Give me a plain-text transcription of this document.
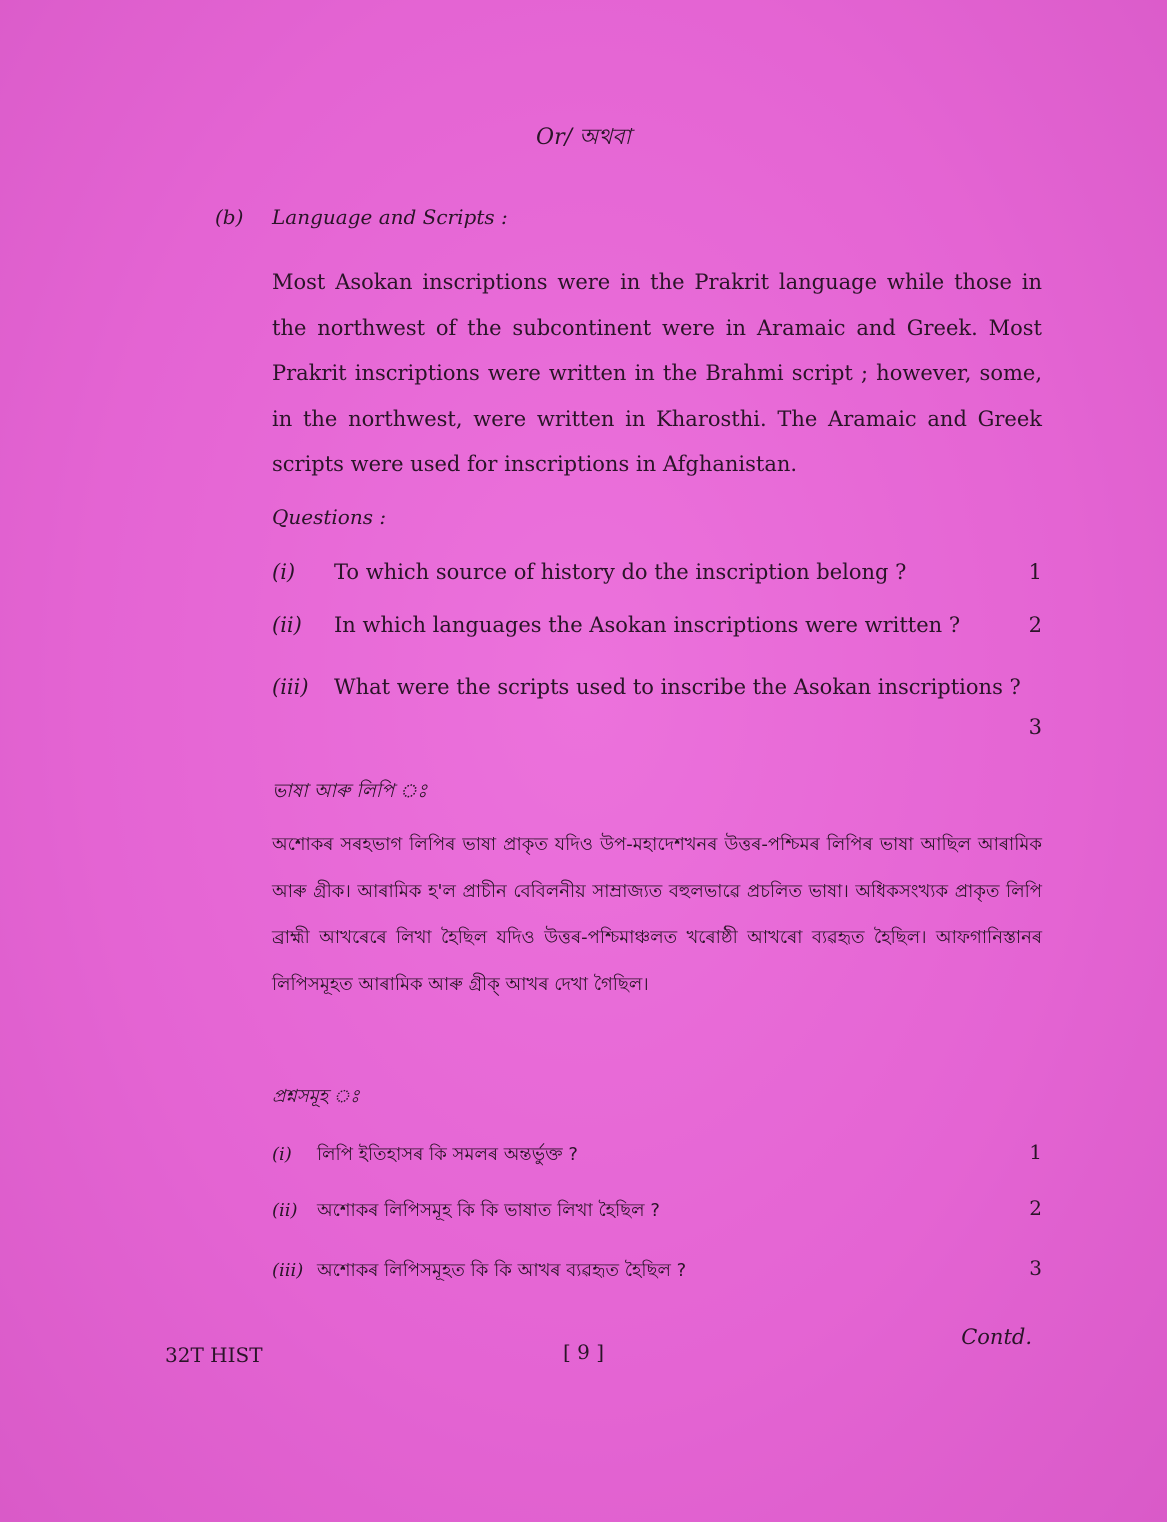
Or/ অথবা
(b) Language and Scripts :
Most Asokan inscriptions were in the Prakrit language while those in the northwest of the subcontinent were in Aramaic and Greek. Most Prakrit inscriptions were written in the Brahmi script ; however, some, in the northwest, were written in Kharosthi. The Aramaic and Greek scripts were used for inscriptions in Afghanistan.
Questions :
(i) To which source of history do the inscription belong ?	1
(ii) In which languages the Asokan inscriptions were written ?	2
(iii) What were the scripts used to inscribe the Asokan inscriptions ?
3
ভাষা আৰু লিপি ঃ
অশোকৰ সৰহভাগ লিপিৰ ভাষা প্ৰাকৃত যদিও উপ-মহাদেশখনৰ উত্তৰ-পশ্চিমৰ লিপিৰ ভাষা আছিল আৰামিক আৰু গ্ৰীক। আৰামিক হ'ল প্ৰাচীন বেবিলনীয় সাম্ৰাজ্যত বহুলভাৱে প্ৰচলিত ভাষা। অধিকসংখ্যক প্ৰাকৃত লিপি ব্ৰাহ্মী আখৰেৰে লিখা হৈছিল যদিও উত্তৰ-পশ্চিমাঞ্চলত খৰোষ্ঠী আখৰো ব্যৱহৃত হৈছিল। আফগানিস্তানৰ লিপিসমূহত আৰামিক আৰু গ্ৰীক্ আখৰ দেখা গৈছিল।
প্ৰশ্নসমূহ ঃ
(i) লিপি ইতিহাসৰ কি সমলৰ অন্তৰ্ভুক্ত ?	1
(ii) অশোকৰ লিপিসমূহ কি কি ভাষাত লিখা হৈছিল ?	2
(iii) অশোকৰ লিপিসমূহত কি কি আখৰ ব্যৱহৃত হৈছিল ?	3
32T HIST	[ 9 ]
Contd.
